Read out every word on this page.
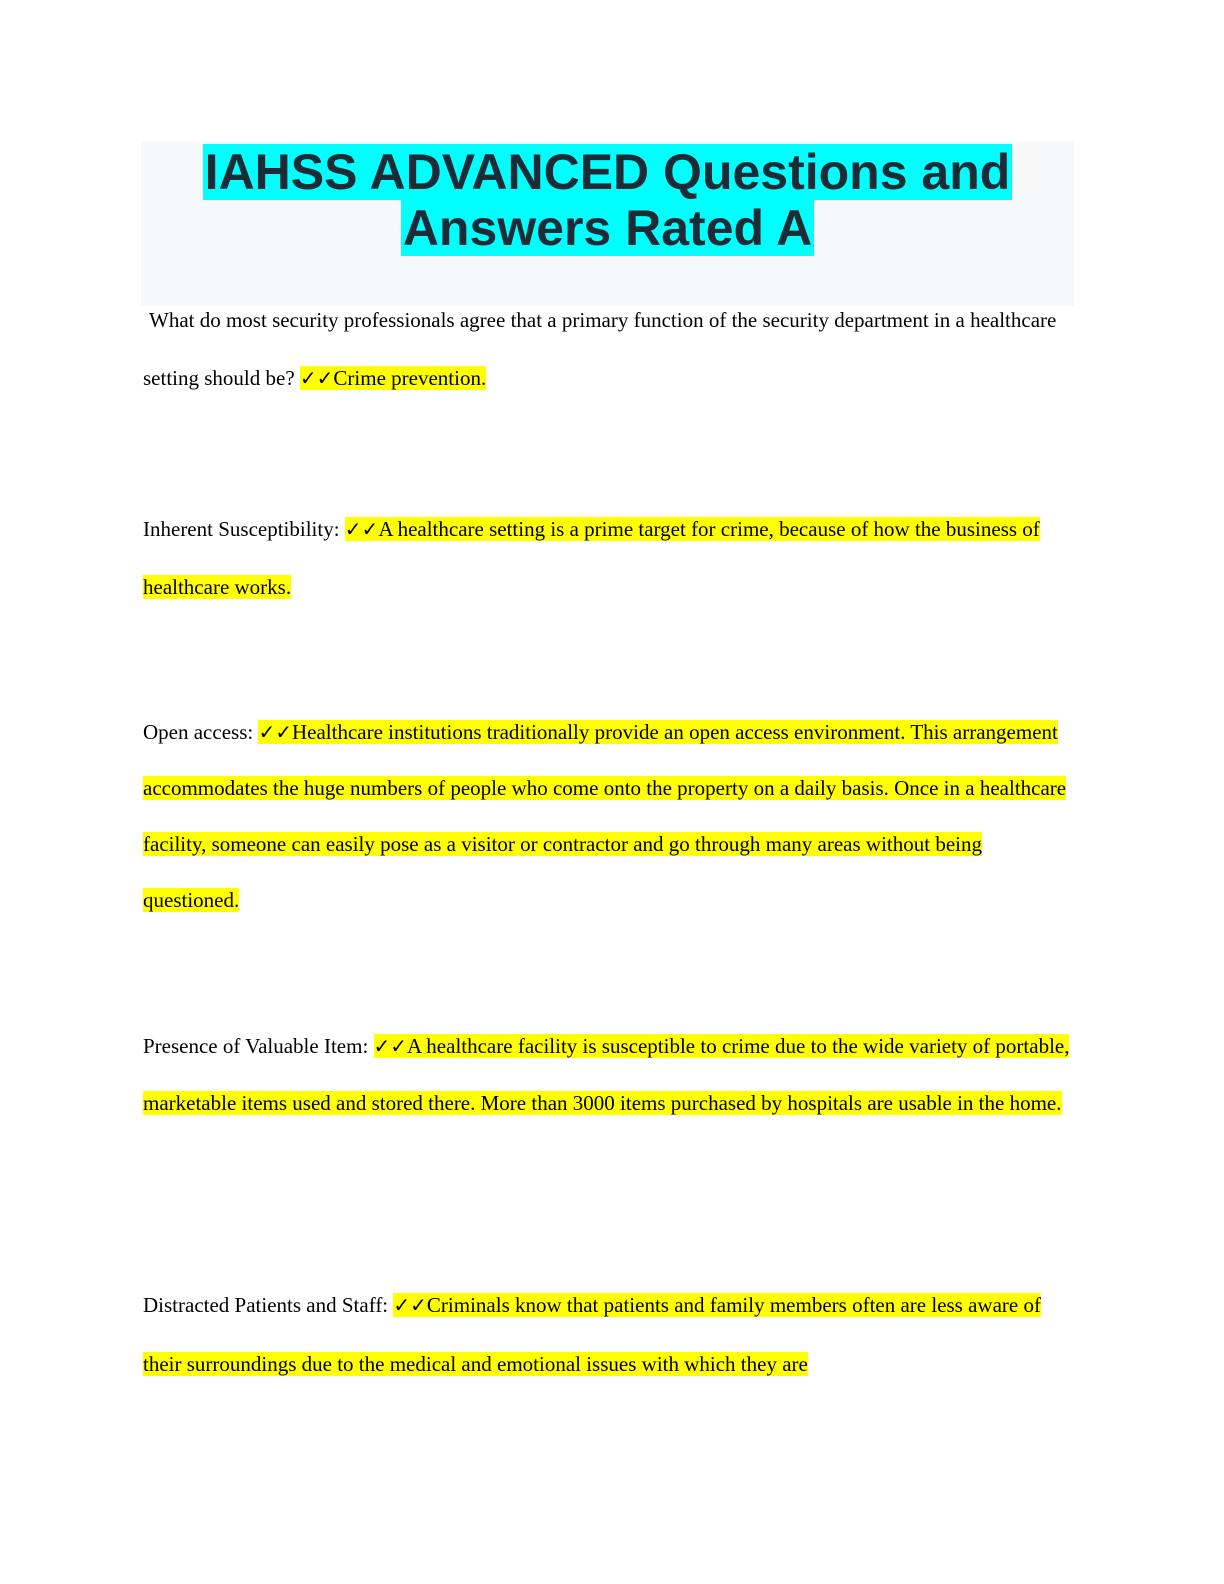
IAHSS ADVANCED Questions and
Answers Rated A
What do most security professionals agree that a primary function of the security department in a healthcare setting should be? ✓✓Crime prevention.
Inherent Susceptibility: ✓✓A healthcare setting is a prime target for crime, because of how the business of healthcare works.
Open access: ✓✓Healthcare institutions traditionally provide an open access environment. This arrangement accommodates the huge numbers of people who come onto the property on a daily basis. Once in a healthcare facility, someone can easily pose as a visitor or contractor and go through many areas without being questioned.
Presence of Valuable Item: ✓✓A healthcare facility is susceptible to crime due to the wide variety of portable, marketable items used and stored there. More than 3000 items purchased by hospitals are usable in the home.
Distracted Patients and Staff: ✓✓Criminals know that patients and family members often are less aware of their surroundings due to the medical and emotional issues with which they are
